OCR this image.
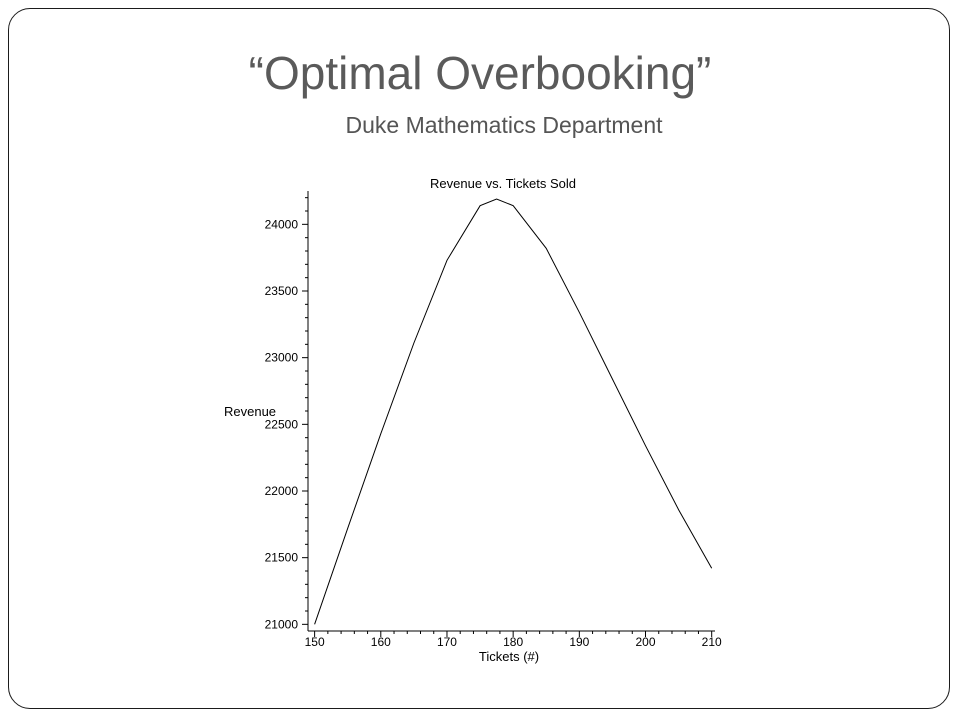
“Optimal Overbooking”
Duke Mathematics Department
Revenue vs. Tickets Sold
Revenue
Tickets (#)
21000
21500
22000
22500
23000
23500
24000
150	160	170	180	190	200	210
